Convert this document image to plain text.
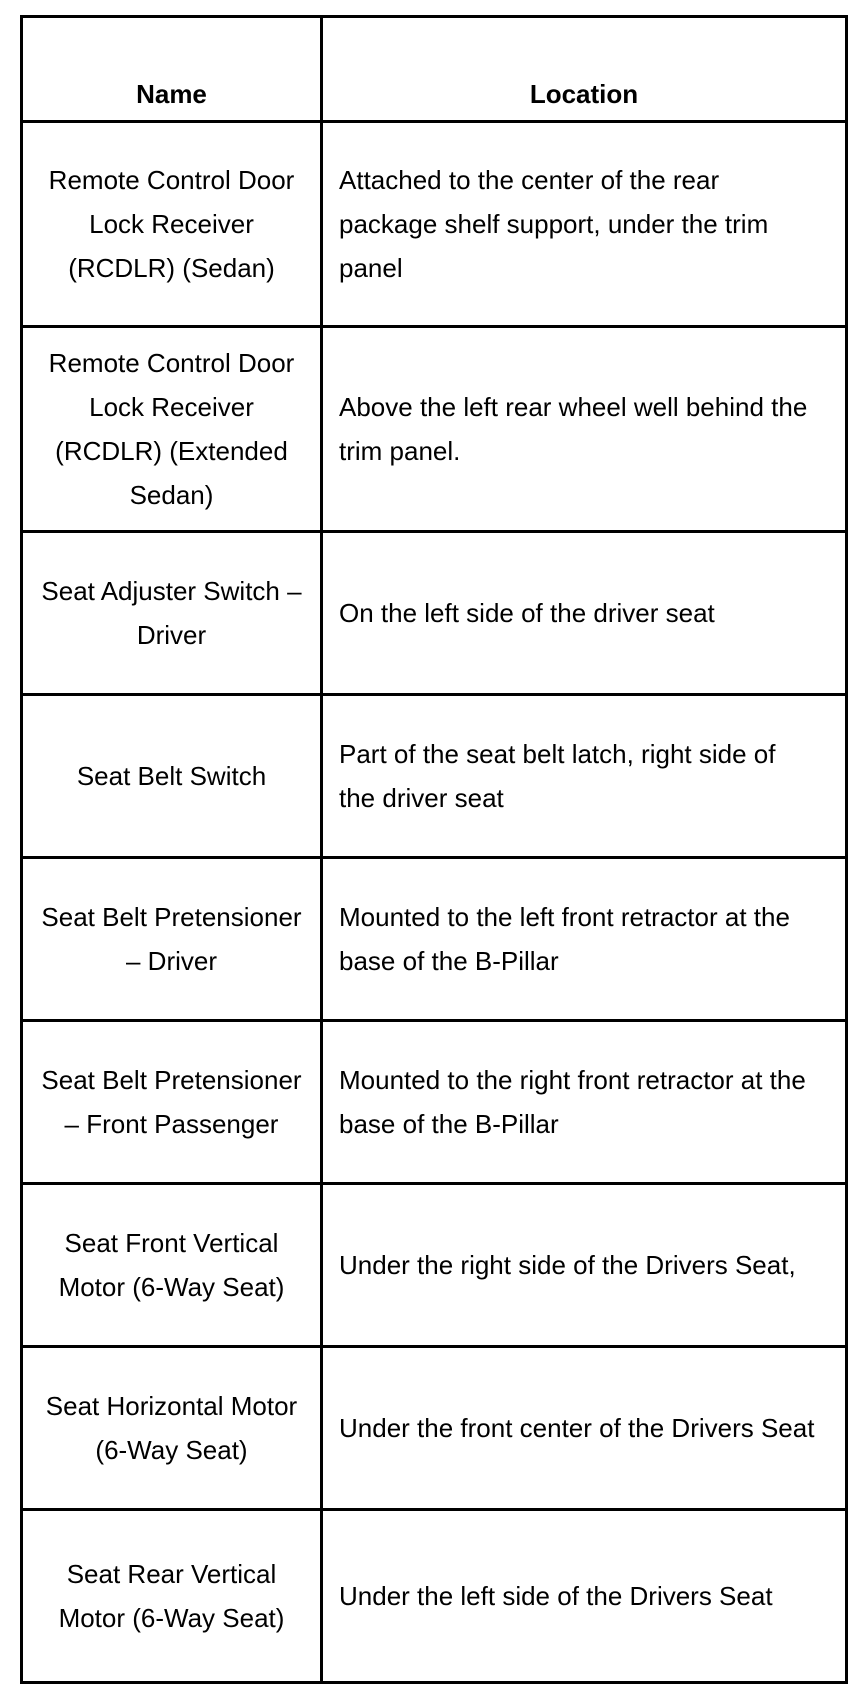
Name	Location
Remote Control Door Lock Receiver (RCDLR) (Sedan)	Attached to the center of the rear package shelf support, under the trim panel
Remote Control Door Lock Receiver (RCDLR) (Extended Sedan)	Above the left rear wheel well behind the trim panel.
Seat Adjuster Switch – Driver	On the left side of the driver seat
Seat Belt Switch	Part of the seat belt latch, right side of the driver seat
Seat Belt Pretensioner – Driver	Mounted to the left front retractor at the base of the B-Pillar
Seat Belt Pretensioner – Front Passenger	Mounted to the right front retractor at the base of the B-Pillar
Seat Front Vertical Motor (6-Way Seat)	Under the right side of the Drivers Seat,
Seat Horizontal Motor (6-Way Seat)	Under the front center of the Drivers Seat
Seat Rear Vertical Motor (6-Way Seat)	Under the left side of the Drivers Seat
